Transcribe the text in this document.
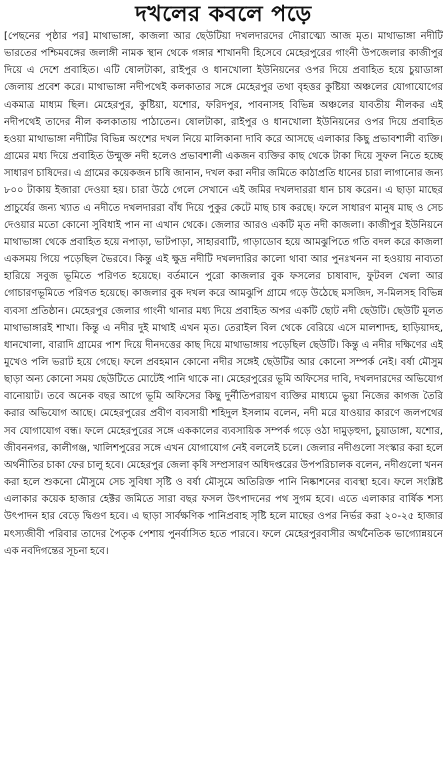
দখলের কবলে পড়ে

[পেছনের পৃষ্ঠার পর] মাথাভাঙ্গা, কাজলা আর ছেউটিয়া দখলদারদের দৌরাত্ম্যে আজ মৃত। মাথাভাঙ্গা নদীটি ভারতের পশ্চিমবঙ্গের জলাঙ্গী নামক স্থান থেকে গঙ্গার শাখানদী হিসেবে মেহেরপুরের গাংনী উপজেলার কাজীপুর দিয়ে এ দেশে প্রবাহিত। এটি ষোলটাকা, রাইপুর ও ধানখোলা ইউনিয়নের ওপর দিয়ে প্রবাহিত হয়ে চুয়াডাঙ্গা জেলায় প্রবেশ করে। মাথাভাঙ্গা নদীপথেই কলকাতার সঙ্গে মেহেরপুর তথা বৃহত্তর কুষ্টিয়া অঞ্চলের যোগাযোগের একমাত্র মাধ্যম ছিল। মেহেরপুর, কুষ্টিয়া, যশোর, ফরিদপুর, পাবনাসহ বিভিন্ন অঞ্চলের যাবতীয় নীলকর এই নদীপথেই তাদের নীল কলকাতায় পাঠাতেন। ষোলটাকা, রাইপুর ও ধানখোলা ইউনিয়নের ওপর দিয়ে প্রবাহিত হওয়া মাথাভাঙ্গা নদীটির বিভিন্ন অংশের দখল নিয়ে মালিকানা দাবি করে আসছে এলাকার কিছু প্রভাবশালী ব্যক্তি। গ্রামের মধ্য দিয়ে প্রবাহিত উন্মুক্ত নদী হলেও প্রভাবশালী একজন ব্যক্তির কাছ থেকে টাকা দিয়ে সুফল নিতে হচ্ছে সাধারণ চাষিদের। এ গ্রামের কয়েকজন চাষি জানান, দখল করা নদীর জমিতে কাঠাপ্রতি ধানের চারা লাগানোর জন্য ৮০০ টাকায় ইজারা দেওয়া হয়। চারা উঠে গেলে সেখানে এই জমির দখলদাররা ধান চাষ করেন। এ ছাড়া মাছের প্রাচুর্যের জন্য খ্যাত এ নদীতে দখলদাররা বাঁধ দিয়ে পুকুর কেটে মাছ চাষ করছে। ফলে সাধারণ মানুষ মাছ ও সেচ দেওয়ার মতো কোনো সুবিধাই পান না এখান থেকে। জেলার আরও একটি মৃত নদী কাজলা। কাজীপুর ইউনিয়নে মাথাভাঙ্গা থেকে প্রবাহিত হয়ে নপাড়া, ভাটপাড়া, সাহারবাটি, গাড়াডোব হয়ে আমঝুপিতে গতি বদল করে কাজলা একসময় গিয়ে পড়েছিল ভৈরবে। কিন্তু এই ক্ষুদ্র নদীটি দখলদারির কালো থাবা আর পুনঃখনন না হওয়ায় নাব্যতা হারিয়ে সবুজ ভূমিতে পরিণত হয়েছে। বর্তমানে পুরো কাজলার বুক ফসলের চাষাবাদ, ফুটবল খেলা আর গোচারণভূমিতে পরিণত হয়েছে। কাজলার বুক দখল করে আমঝুপি গ্রামে গড়ে উঠেছে মসজিদ, স-মিলসহ বিভিন্ন ব্যবসা প্রতিষ্ঠান। মেহেরপুর জেলার গাংনী থানার মধ্য দিয়ে প্রবাহিত অপর একটি ছোট নদী ছেউটি। ছেউটি মূলত মাথাভাঙ্গারই শাখা। কিন্তু এ নদীর দুই মাথাই এখন মৃত। তেরাইল বিল থেকে বেরিয়ে এসে মালশাদহ, হাড়িয়াদহ, ধানখোলা, বারাদি গ্রামের পাশ দিয়ে দীনদত্তের কাছ দিয়ে মাথাভাঙ্গায় পড়েছিল ছেউটি। কিন্তু এ নদীর দক্ষিণের এই মুখেও পলি ভরাট হয়ে গেছে। ফলে প্রবহমান কোনো নদীর সঙ্গেই ছেউটির আর কোনো সম্পর্ক নেই। বর্ষা মৌসুম ছাড়া অন্য কোনো সময় ছেউটিতে মোটেই পানি থাকে না। মেহেরপুরের ভূমি অফিসের দাবি, দখলদারদের অভিযোগ বানোয়াট। তবে অনেক বছর আগে ভূমি অফিসের কিছু দুর্নীতিপরায়ণ ব্যক্তির মাধ্যমে ভুয়া নিজের কাগজ তৈরি করার অভিযোগ আছে। মেহেরপুরের প্রবীণ ব্যবসায়ী শহিদুল ইসলাম বলেন, নদী মরে যাওয়ার কারণে জলপথের সব যোগাযোগ বন্ধ। ফলে মেহেরপুরের সঙ্গে এককালের ব্যবসায়িক সম্পর্ক গড়ে ওঠা দামুড়হুদা, চুয়াডাঙ্গা, যশোর, জীবননগর, কালীগঞ্জ, খালিশপুরের সঙ্গে এখন যোগাযোগ নেই বললেই চলে। জেলার নদীগুলো সংস্কার করা হলে অর্থনীতির চাকা ফের চালু হবে। মেহেরপুর জেলা কৃষি সম্প্রসারণ অধিদপ্তরের উপপরিচালক বলেন, নদীগুলো খনন করা হলে শুকনো মৌসুমে সেচ সুবিধা সৃষ্টি ও বর্ষা মৌসুমে অতিরিক্ত পানি নিষ্কাশনের ব্যবস্থা হবে। ফলে সংশ্লিষ্ট এলাকার কয়েক হাজার হেক্টর জমিতে সারা বছর ফসল উৎপাদনের পথ সুগম হবে। এতে এলাকার বার্ষিক শস্য উৎপাদন হার বেড়ে দ্বিগুণ হবে। এ ছাড়া সার্বক্ষণিক পানিপ্রবাহ সৃষ্টি হলে মাছের ওপর নির্ভর করা ২০-২৫ হাজার মৎস্যজীবী পরিবার তাদের পৈতৃক পেশায় পুনর্বাসিত হতে পারবে। ফলে মেহেরপুরবাসীর অর্থনৈতিক ভাগ্যোন্নয়নে এক নবদিগন্তের সূচনা হবে।
